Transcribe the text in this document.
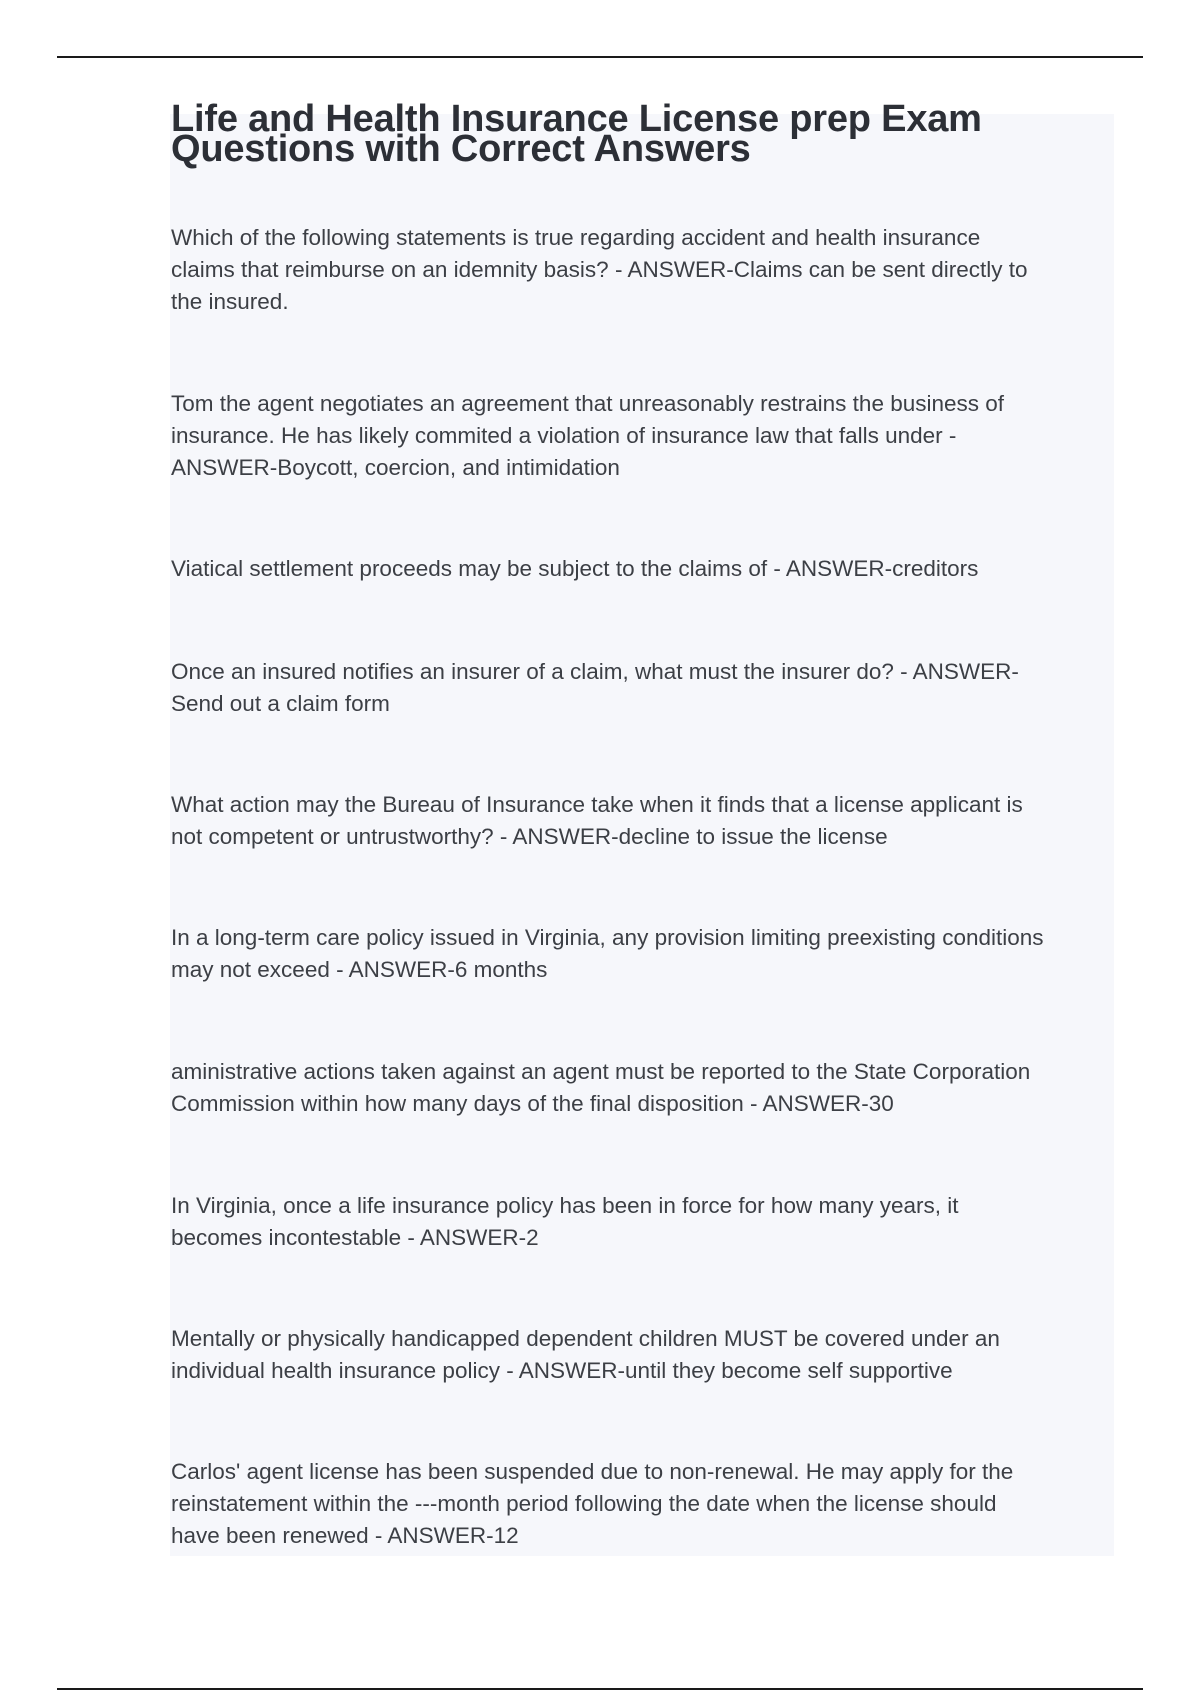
Life and Health Insurance License prep Exam Questions with Correct Answers
Which of the following statements is true regarding accident and health insurance
claims that reimburse on an idemnity basis? - ANSWER-Claims can be sent directly to
the insured.
Tom the agent negotiates an agreement that unreasonably restrains the business of
insurance. He has likely commited a violation of insurance law that falls under -
ANSWER-Boycott, coercion, and intimidation
Viatical settlement proceeds may be subject to the claims of - ANSWER-creditors
Once an insured notifies an insurer of a claim, what must the insurer do? - ANSWER-
Send out a claim form
What action may the Bureau of Insurance take when it finds that a license applicant is
not competent or untrustworthy? - ANSWER-decline to issue the license
In a long-term care policy issued in Virginia, any provision limiting preexisting conditions
may not exceed - ANSWER-6 months
aministrative actions taken against an agent must be reported to the State Corporation
Commission within how many days of the final disposition - ANSWER-30
In Virginia, once a life insurance policy has been in force for how many years, it
becomes incontestable - ANSWER-2
Mentally or physically handicapped dependent children MUST be covered under an
individual health insurance policy - ANSWER-until they become self supportive
Carlos' agent license has been suspended due to non-renewal. He may apply for the
reinstatement within the ---month period following the date when the license should
have been renewed - ANSWER-12
